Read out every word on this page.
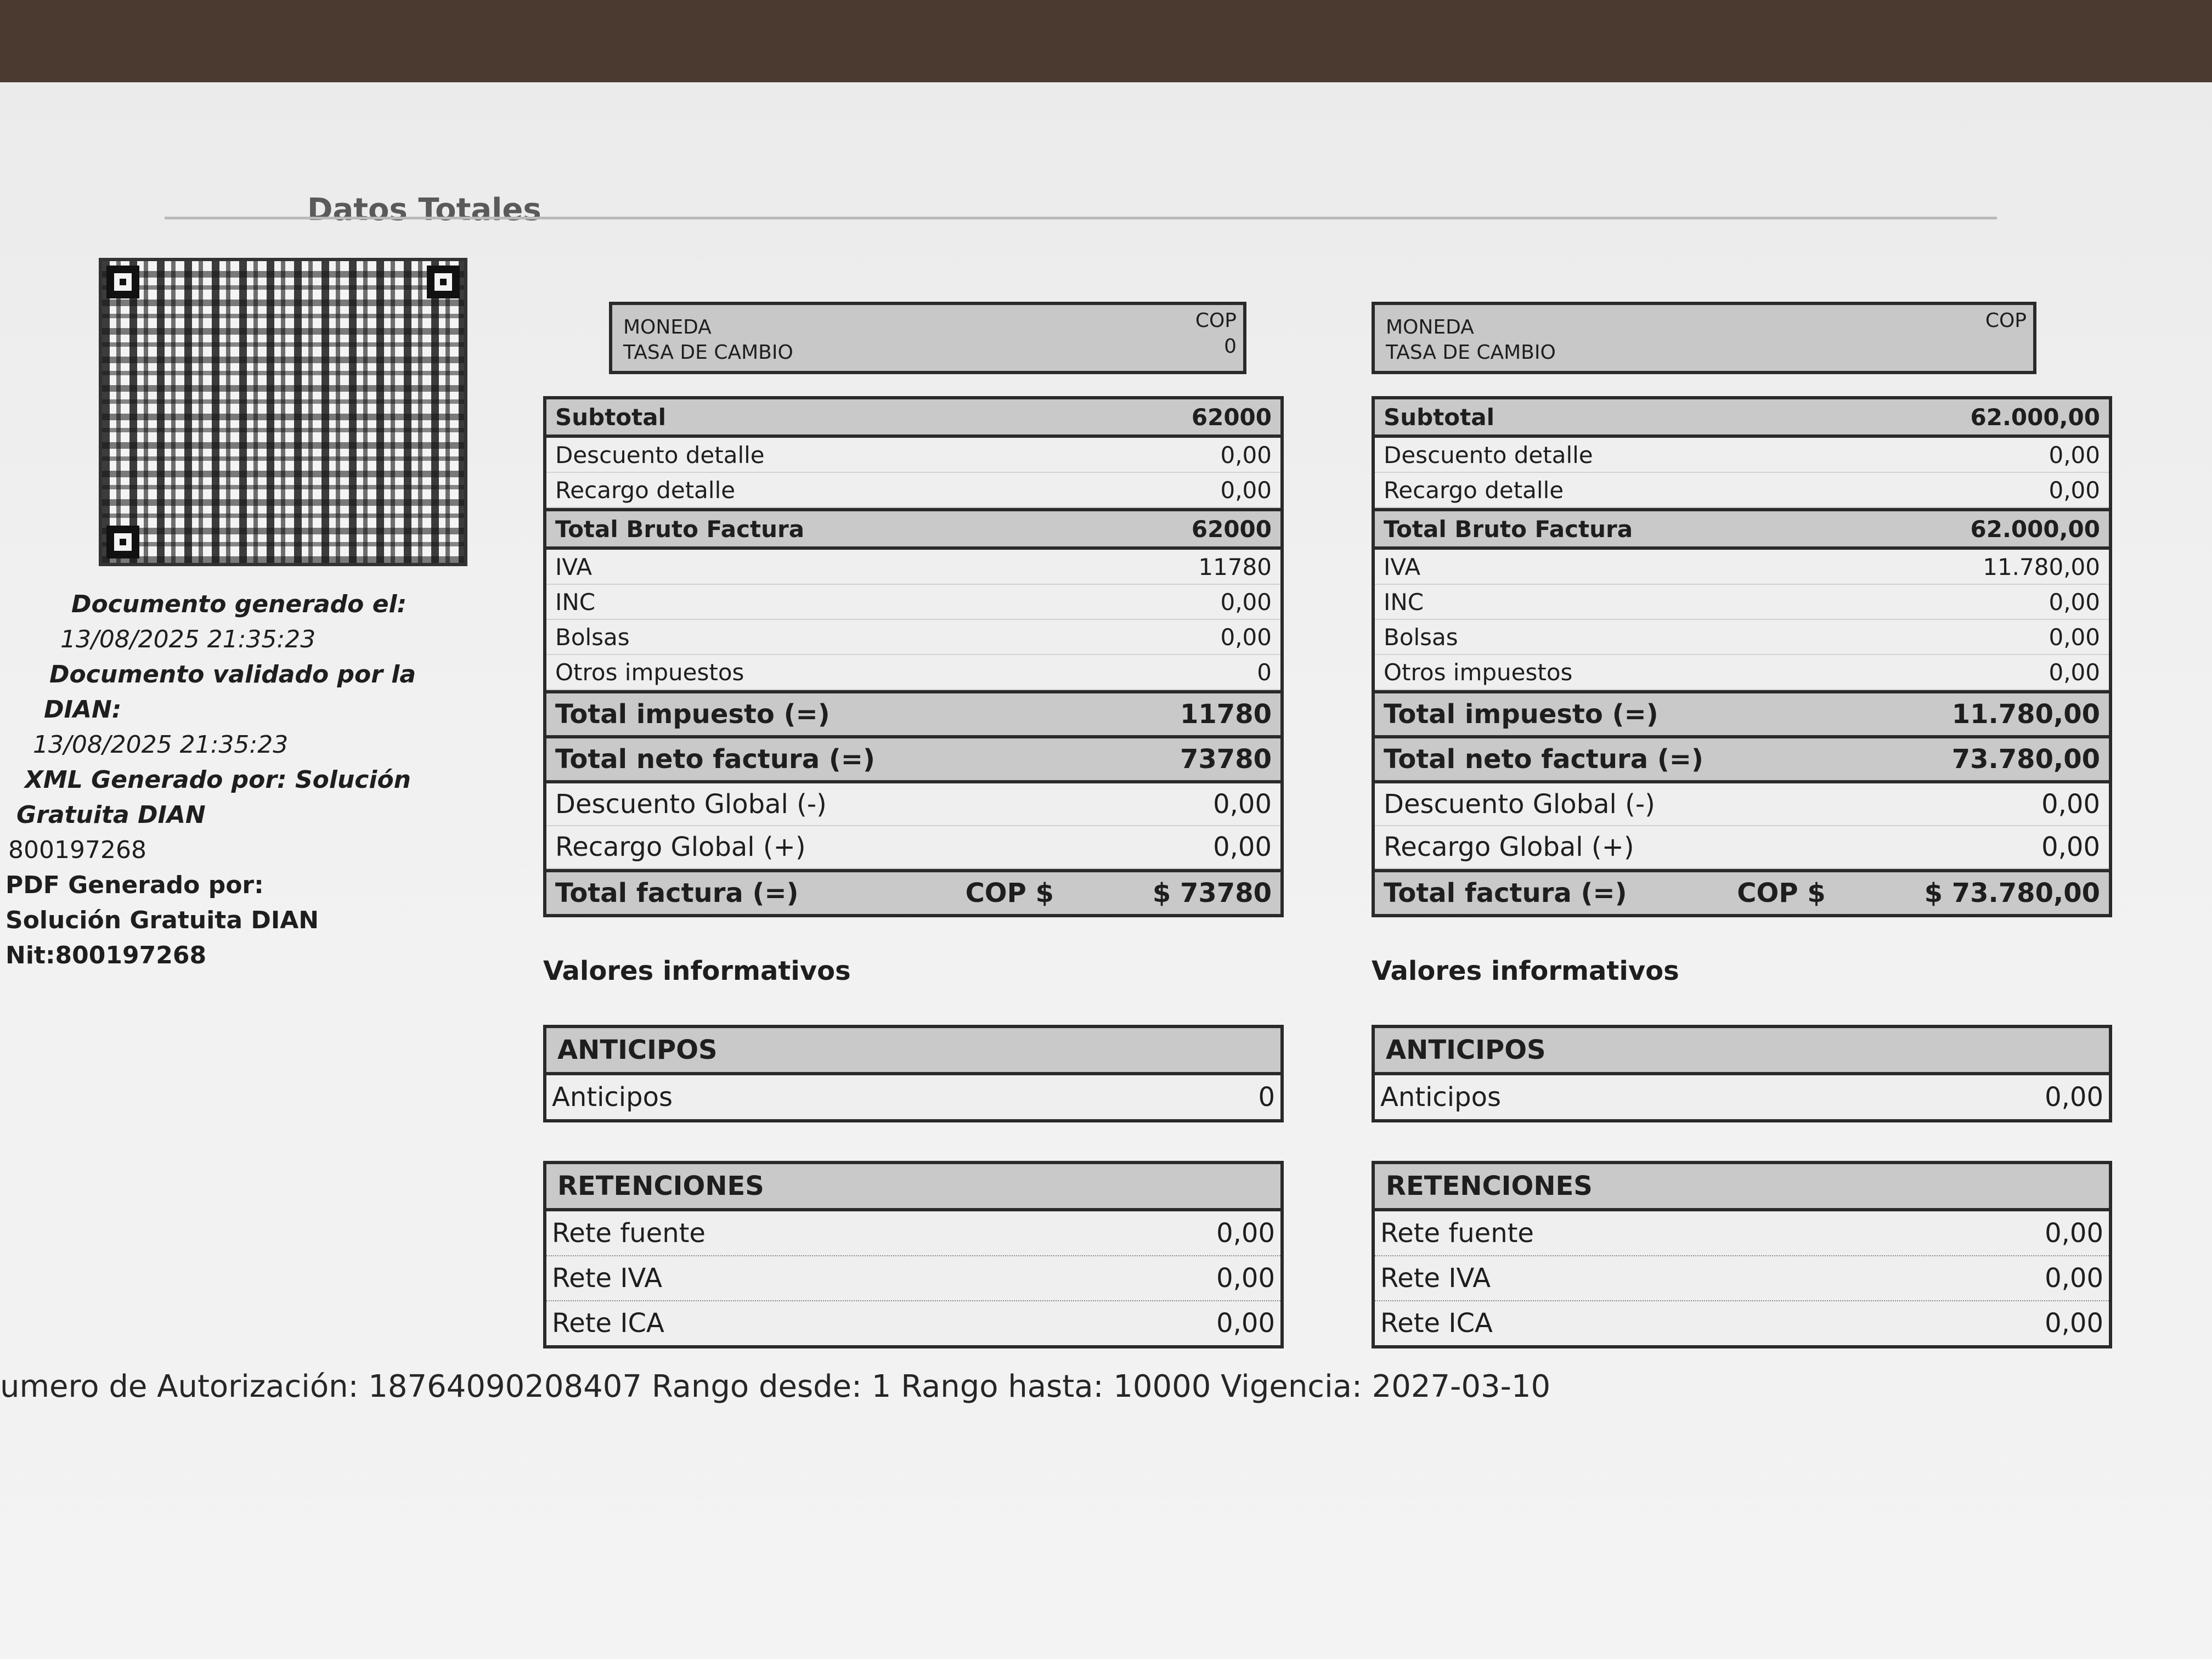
Datos Totales
Documento generado el:
13/08/2025 21:35:23
Documento validado por la
DIAN:
13/08/2025 21:35:23
XML Generado por: Solución
Gratuita DIAN
800197268
PDF Generado por:
Solución Gratuita DIAN
Nit:800197268
MONEDA	COP
TASA DE CAMBIO	0
Subtotal	62000
Descuento detalle	0,00
Recargo detalle	0,00
Total Bruto Factura	62000
IVA	11780
INC	0,00
Bolsas	0,00
Otros impuestos	0
Total impuesto (=)	11780
Total neto factura (=)	73780
Descuento Global (-)	0,00
Recargo Global (+)	0,00
Total factura (=)	COP $	$ 73780
Valores informativos
ANTICIPOS
Anticipos	0
RETENCIONES
Rete fuente	0,00
Rete IVA	0,00
Rete ICA	0,00
MONEDA	COP
TASA DE CAMBIO
Subtotal	62.000,00
Descuento detalle	0,00
Recargo detalle	0,00
Total Bruto Factura	62.000,00
IVA	11.780,00
INC	0,00
Bolsas	0,00
Otros impuestos	0,00
Total impuesto (=)	11.780,00
Total neto factura (=)	73.780,00
Descuento Global (-)	0,00
Recargo Global (+)	0,00
Total factura (=)	COP $	$ 73.780,00
Valores informativos
ANTICIPOS
Anticipos	0,00
RETENCIONES
Rete fuente	0,00
Rete IVA	0,00
Rete ICA	0,00
umero de Autorización: 18764090208407 Rango desde: 1 Rango hasta: 10000 Vigencia: 2027-03-10
